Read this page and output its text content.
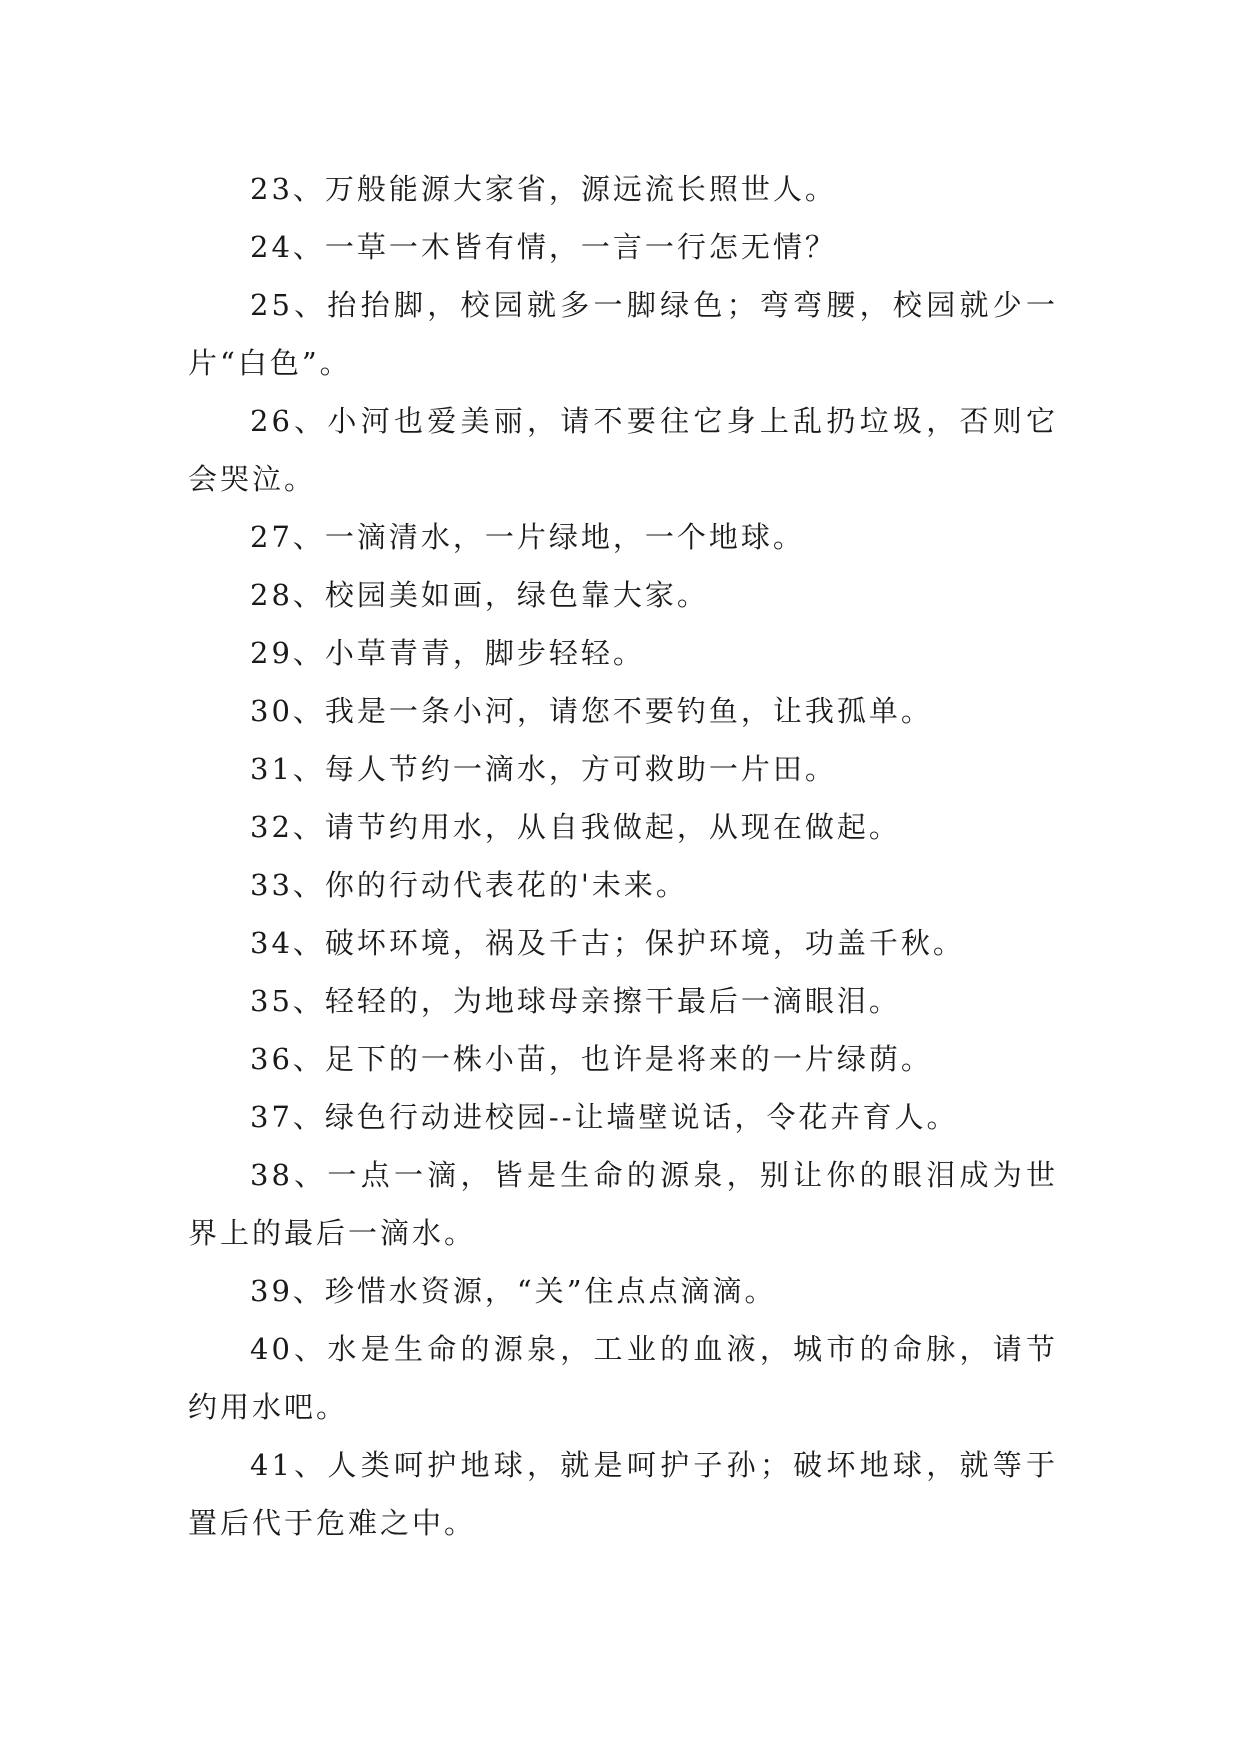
23、万般能源大家省，源远流长照世人。

24、一草一木皆有情，一言一行怎无情？

25、抬抬脚，校园就多一脚绿色；弯弯腰，校园就少一片“白色”。

26、小河也爱美丽，请不要往它身上乱扔垃圾，否则它会哭泣。

27、一滴清水，一片绿地，一个地球。

28、校园美如画，绿色靠大家。

29、小草青青，脚步轻轻。

30、我是一条小河，请您不要钓鱼，让我孤单。

31、每人节约一滴水，方可救助一片田。

32、请节约用水，从自我做起，从现在做起。

33、你的行动代表花的'未来。

34、破坏环境，祸及千古；保护环境，功盖千秋。

35、轻轻的，为地球母亲擦干最后一滴眼泪。

36、足下的一株小苗，也许是将来的一片绿荫。

37、绿色行动进校园--让墙壁说话，令花卉育人。

38、一点一滴，皆是生命的源泉，别让你的眼泪成为世界上的最后一滴水。

39、珍惜水资源，“关”住点点滴滴。

40、水是生命的源泉，工业的血液，城市的命脉，请节约用水吧。

41、人类呵护地球，就是呵护子孙；破坏地球，就等于置后代于危难之中。
